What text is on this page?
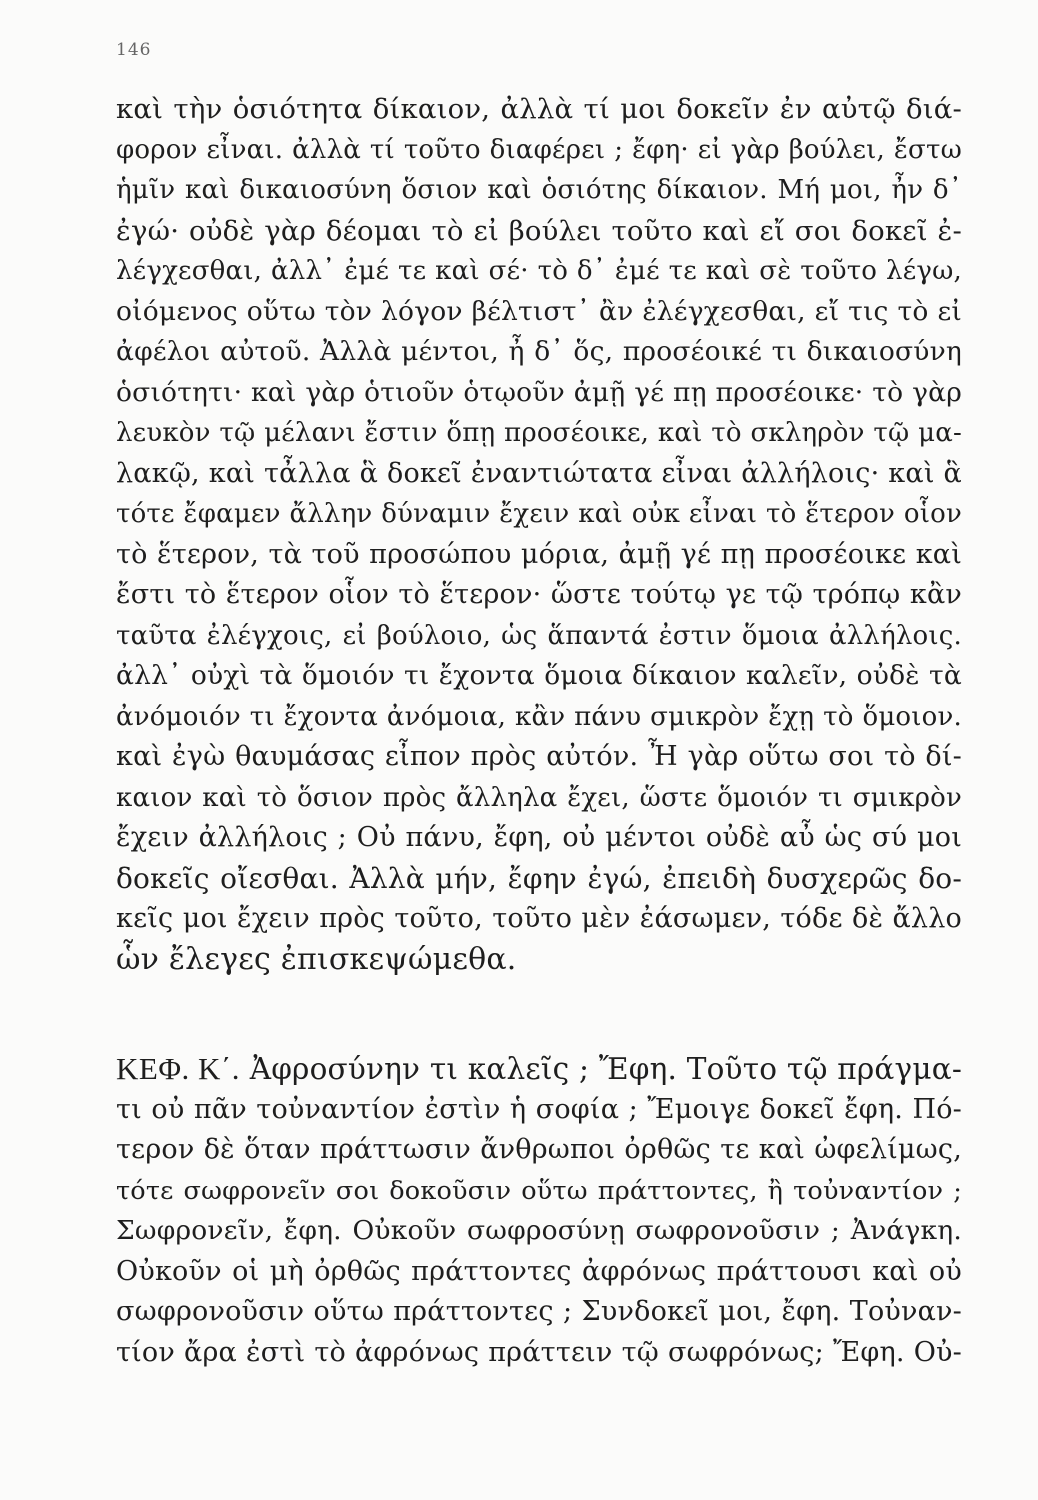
146
καὶ τὴν ὁσιότητα δίκαιον, ἀλλὰ τί μοι δοκεῖν ἐν αὐτῷ διά-
φορον εἶναι. ἀλλὰ τί τοῦτο διαφέρει ; ἔφη· εἰ γὰρ βούλει, ἔστω
ἡμῖν καὶ δικαιοσύνη ὅσιον καὶ ὁσιότης δίκαιον. Μή μοι, ἦν δ᾽
ἐγώ· οὐδὲ γὰρ δέομαι τὸ εἰ βούλει τοῦτο καὶ εἴ σοι δοκεῖ ἐ-
λέγχεσθαι, ἀλλ᾽ ἐμέ τε καὶ σέ· τὸ δ᾽ ἐμέ τε καὶ σὲ τοῦτο λέγω,
οἰόμενος οὕτω τὸν λόγον βέλτιστ᾽ ἂν ἐλέγχεσθαι, εἴ τις τὸ εἰ
ἀφέλοι αὐτοῦ. Ἀλλὰ μέντοι, ἦ δ᾽ ὅς, προσέοικέ τι δικαιοσύνη
ὁσιότητι· καὶ γὰρ ὁτιοῦν ὁτῳοῦν ἀμῇ γέ πῃ προσέοικε· τὸ γὰρ
λευκὸν τῷ μέλανι ἔστιν ὅπῃ προσέοικε, καὶ τὸ σκληρὸν τῷ μα-
λακῷ, καὶ τἆλλα ἃ δοκεῖ ἐναντιώτατα εἶναι ἀλλήλοις· καὶ ἃ
τότε ἔφαμεν ἄλλην δύναμιν ἔχειν καὶ οὐκ εἶναι τὸ ἕτερον οἷον
τὸ ἕτερον, τὰ τοῦ προσώπου μόρια, ἀμῇ γέ πῃ προσέοικε καὶ
ἔστι τὸ ἕτερον οἷον τὸ ἕτερον· ὥστε τούτῳ γε τῷ τρόπῳ κἂν
ταῦτα ἐλέγχοις, εἰ βούλοιο, ὡς ἅπαντά ἐστιν ὅμοια ἀλλήλοις.
ἀλλ᾽ οὐχὶ τὰ ὅμοιόν τι ἔχοντα ὅμοια δίκαιον καλεῖν, οὐδὲ τὰ
ἀνόμοιόν τι ἔχοντα ἀνόμοια, κἂν πάνυ σμικρὸν ἔχῃ τὸ ὅμοιον.
καὶ ἐγὼ θαυμάσας εἶπον πρὸς αὐτόν. Ἦ γὰρ οὕτω σοι τὸ δί-
καιον καὶ τὸ ὅσιον πρὸς ἄλληλα ἔχει, ὥστε ὅμοιόν τι σμικρὸν
ἔχειν ἀλλήλοις ; Οὐ πάνυ, ἔφη, οὐ μέντοι οὐδὲ αὖ ὡς σύ μοι
δοκεῖς οἴεσθαι. Ἀλλὰ μήν, ἔφην ἐγώ, ἐπειδὴ δυσχερῶς δο-
κεῖς μοι ἔχειν πρὸς τοῦτο, τοῦτο μὲν ἐάσωμεν, τόδε δὲ ἄλλο
ὧν ἔλεγες ἐπισκεψώμεθα.
ΚΕΦ. Κ΄. Ἀφροσύνην τι καλεῖς ; Ἔφη. Τοῦτο τῷ πράγμα-
τι οὐ πᾶν τοὐναντίον ἐστὶν ἡ σοφία ; Ἔμοιγε δοκεῖ ἔφη. Πό-
τερον δὲ ὅταν πράττωσιν ἄνθρωποι ὀρθῶς τε καὶ ὠφελίμως,
τότε σωφρονεῖν σοι δοκοῦσιν οὕτω πράττοντες, ἢ τοὐναντίον ;
Σωφρονεῖν, ἔφη. Οὐκοῦν σωφροσύνῃ σωφρονοῦσιν ; Ἀνάγκη.
Οὐκοῦν οἱ μὴ ὀρθῶς πράττοντες ἀφρόνως πράττουσι καὶ οὐ
σωφρονοῦσιν οὕτω πράττοντες ; Συνδοκεῖ μοι, ἔφη. Τοὐναν-
τίον ἄρα ἐστὶ τὸ ἀφρόνως πράττειν τῷ σωφρόνως; Ἔφη. Οὐ-
